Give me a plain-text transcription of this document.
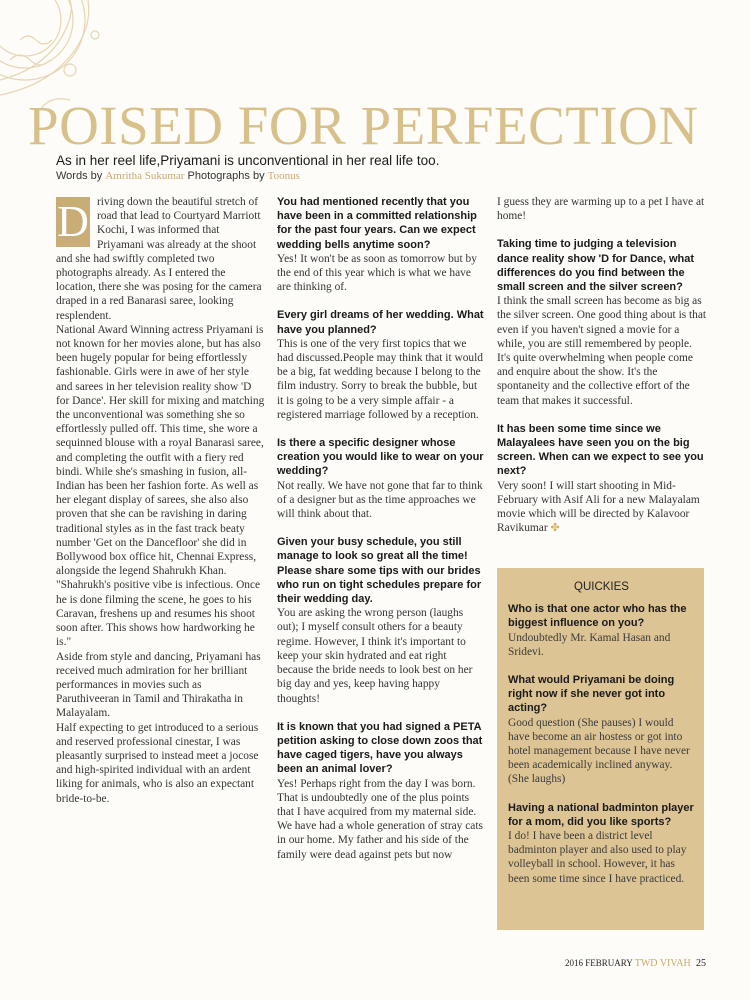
POISED FOR PERFECTION

As in her reel life,Priyamani is unconventional in her real life too.

Words by Amritha Sukumar Photographs by Toonus

D riving down the beautiful stretch of road that lead to Courtyard Marriott Kochi, I was informed that Priyamani was already at the shoot and she had swiftly completed two photographs already. As I entered the location, there she was posing for the camera draped in a red Banarasi saree, looking resplendent.

National Award Winning actress Priyamani is not known for her movies alone, but has also been hugely popular for being effortlessly fashionable. Girls were in awe of her style and sarees in her television reality show 'D for Dance'. Her skill for mixing and matching the unconventional was something she so effortlessly pulled off. This time, she wore a sequinned blouse with a royal Banarasi saree, and completing the outfit with a fiery red bindi. While she's smashing in fusion, all-Indian has been her fashion forte. As well as her elegant display of sarees, she also also proven that she can be ravishing in daring traditional styles as in the fast track beaty number 'Get on the Dancefloor' she did in Bollywood box office hit, Chennai Express, alongside the legend Shahrukh Khan. "Shahrukh's positive vibe is infectious. Once he is done filming the scene, he goes to his Caravan, freshens up and resumes his shoot soon after. This shows how hardworking he is."

Aside from style and dancing, Priyamani has received much admiration for her brilliant performances in movies such as Paruthiveeran in Tamil and Thirakatha in Malayalam.

Half expecting to get introduced to a serious and reserved professional cinestar, I was pleasantly surprised to instead meet a jocose and high-spirited individual with an ardent liking for animals, who is also an expectant bride-to-be.

You had mentioned recently that you have been in a committed relationship for the past four years. Can we expect wedding bells anytime soon?

Yes! It won't be as soon as tomorrow but by the end of this year which is what we have are thinking of.

Every girl dreams of her wedding. What have you planned?

This is one of the very first topics that we had discussed.People may think that it would be a big, fat wedding because I belong to the film industry. Sorry to break the bubble, but it is going to be a very simple affair - a registered marriage followed by a reception.

Is there a specific designer whose creation you would like to wear on your wedding?

Not really. We have not gone that far to think of a designer but as the time approaches we will think about that.

Given your busy schedule, you still manage to look so great all the time! Please share some tips with our brides who run on tight schedules prepare for their wedding day.

You are asking the wrong person (laughs out); I myself consult others for a beauty regime. However, I think it's important to keep your skin hydrated and eat right because the bride needs to look best on her big day and yes, keep having happy thoughts!

It is known that you had signed a PETA petition asking to close down zoos that have caged tigers, have you always been an animal lover?

Yes! Perhaps right from the day I was born. That is undoubtedly one of the plus points that I have acquired from my maternal side. We have had a whole generation of stray cats in our home. My father and his side of the family were dead against pets but now

I guess they are warming up to a pet I have at home!

Taking time to judging a television dance reality show 'D for Dance, what differences do you find between the small screen and the silver screen?

I think the small screen has become as big as the silver screen. One good thing about is that even if you haven't signed a movie for a while, you are still remembered by people. It's quite overwhelming when people come and enquire about the show. It's the spontaneity and the collective effort of the team that makes it successful.

It has been some time since we Malayalees have seen you on the big screen. When can we expect to see you next?

Very soon! I will start shooting in Mid-February with Asif Ali for a new Malayalam movie which will be directed by Kalavoor Ravikumar ✤

QUICKIES

Who is that one actor who has the biggest influence on you?

Undoubtedly Mr. Kamal Hasan and Sridevi.

What would Priyamani be doing right now if she never got into acting?

Good question (She pauses) I would have become an air hostess or got into hotel management because I have never been academically inclined anyway. (She laughs)

Having a national badminton player for a mom, did you like sports?

I do! I have been a district level badminton player and also used to play volleyball in school. However, it has been some time since I have practiced.

2016 FEBRUARY TWD VIVAH 25
